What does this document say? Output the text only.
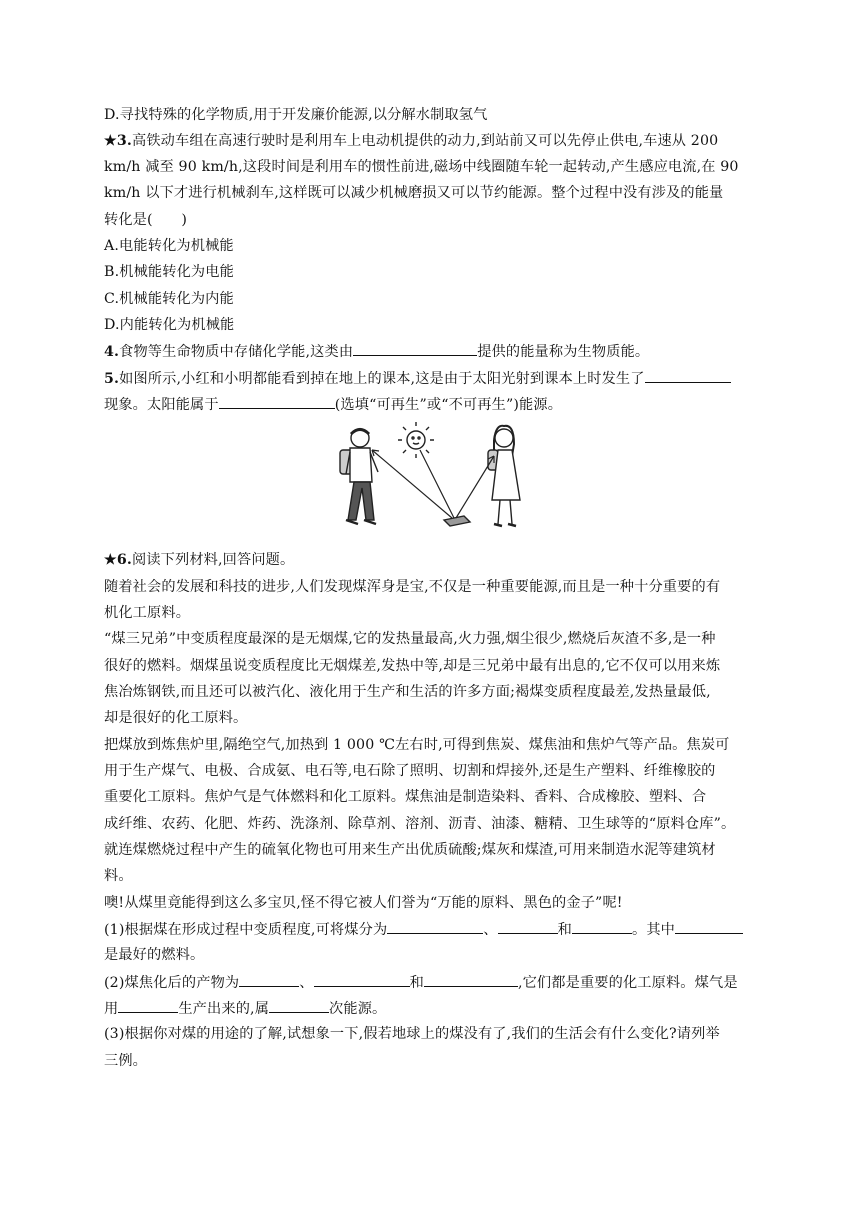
D.寻找特殊的化学物质,用于开发廉价能源,以分解水制取氢气
★3.高铁动车组在高速行驶时是利用车上电动机提供的动力,到站前又可以先停止供电,车速从 200
km/h 减至 90 km/h,这段时间是利用车的惯性前进,磁场中线圈随车轮一起转动,产生感应电流,在 90
km/h 以下才进行机械刹车,这样既可以减少机械磨损又可以节约能源。整个过程中没有涉及的能量
转化是(　　)
A.电能转化为机械能
B.机械能转化为电能
C.机械能转化为内能
D.内能转化为机械能
4.食物等生命物质中存储化学能,这类由	提供的能量称为生物质能。
5.如图所示,小红和小明都能看到掉在地上的课本,这是由于太阳光射到课本上时发生了
现象。太阳能属于	(选填“可再生”或“不可再生”)能源。
★6.阅读下列材料,回答问题。
随着社会的发展和科技的进步,人们发现煤浑身是宝,不仅是一种重要能源,而且是一种十分重要的有
机化工原料。
“煤三兄弟”中变质程度最深的是无烟煤,它的发热量最高,火力强,烟尘很少,燃烧后灰渣不多,是一种
很好的燃料。烟煤虽说变质程度比无烟煤差,发热中等,却是三兄弟中最有出息的,它不仅可以用来炼
焦冶炼钢铁,而且还可以被汽化、液化用于生产和生活的许多方面;褐煤变质程度最差,发热量最低,
却是很好的化工原料。
把煤放到炼焦炉里,隔绝空气,加热到 1 000 ℃左右时,可得到焦炭、煤焦油和焦炉气等产品。焦炭可
用于生产煤气、电极、合成氨、电石等,电石除了照明、切割和焊接外,还是生产塑料、纤维橡胶的
重要化工原料。焦炉气是气体燃料和化工原料。煤焦油是制造染料、香料、合成橡胶、塑料、合
成纤维、农药、化肥、炸药、洗涤剂、除草剂、溶剂、沥青、油漆、糖精、卫生球等的“原料仓库”。
就连煤燃烧过程中产生的硫氧化物也可用来生产出优质硫酸;煤灰和煤渣,可用来制造水泥等建筑材
料。
噢!从煤里竟能得到这么多宝贝,怪不得它被人们誉为“万能的原料、黑色的金子”呢!
(1)根据煤在形成过程中变质程度,可将煤分为	、	和	。其中
是最好的燃料。
(2)煤焦化后的产物为	、	和	,它们都是重要的化工原料。煤气是
用	生产出来的,属	次能源。
(3)根据你对煤的用途的了解,试想象一下,假若地球上的煤没有了,我们的生活会有什么变化?请列举
三例。
